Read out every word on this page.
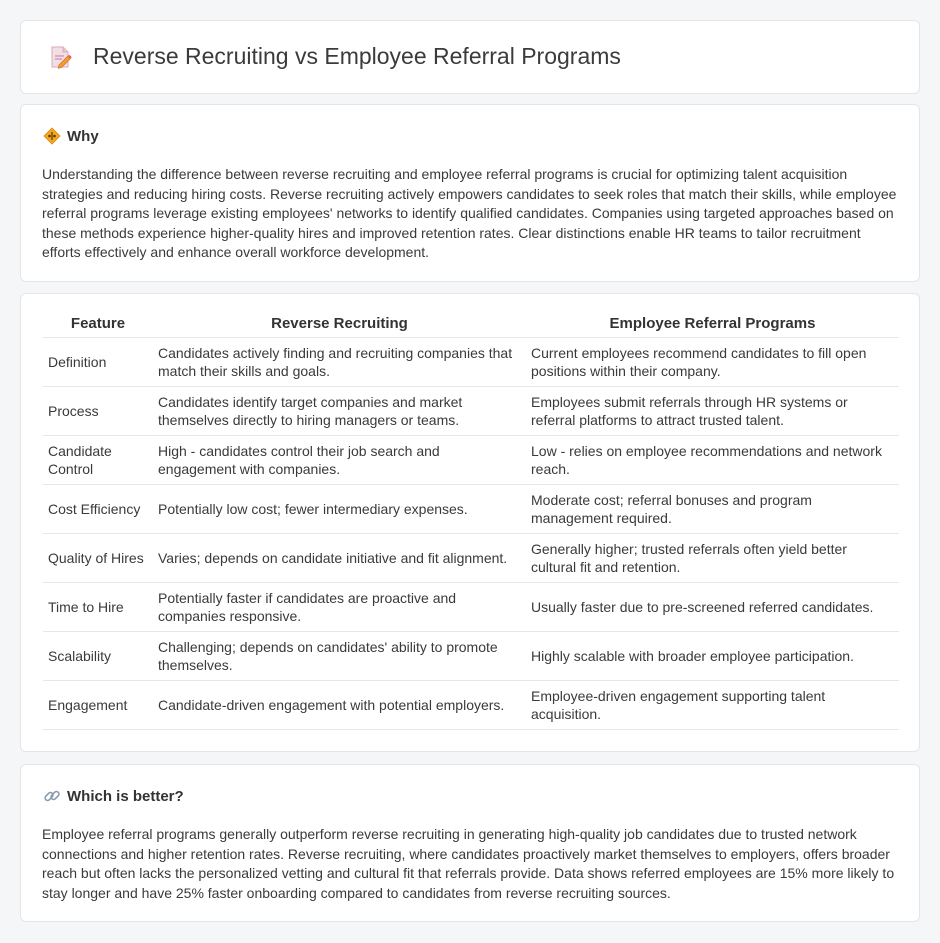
Reverse Recruiting vs Employee Referral Programs
Why

Understanding the difference between reverse recruiting and employee referral programs is crucial for optimizing talent acquisition strategies and reducing hiring costs. Reverse recruiting actively empowers candidates to seek roles that match their skills, while employee referral programs leverage existing employees' networks to identify qualified candidates. Companies using targeted approaches based on these methods experience higher-quality hires and improved retention rates. Clear distinctions enable HR teams to tailor recruitment efforts effectively and enhance overall workforce development.

Feature	Reverse Recruiting	Employee Referral Programs
Definition	Candidates actively finding and recruiting companies that match their skills and goals.	Current employees recommend candidates to fill open positions within their company.
Process	Candidates identify target companies and market themselves directly to hiring managers or teams.	Employees submit referrals through HR systems or referral platforms to attract trusted talent.
Candidate Control	High - candidates control their job search and engagement with companies.	Low - relies on employee recommendations and network reach.
Cost Efficiency	Potentially low cost; fewer intermediary expenses.	Moderate cost; referral bonuses and program management required.
Quality of Hires	Varies; depends on candidate initiative and fit alignment.	Generally higher; trusted referrals often yield better cultural fit and retention.
Time to Hire	Potentially faster if candidates are proactive and companies responsive.	Usually faster due to pre-screened referred candidates.
Scalability	Challenging; depends on candidates' ability to promote themselves.	Highly scalable with broader employee participation.
Engagement	Candidate-driven engagement with potential employers.	Employee-driven engagement supporting talent acquisition.
Which is better?

Employee referral programs generally outperform reverse recruiting in generating high-quality job candidates due to trusted network connections and higher retention rates. Reverse recruiting, where candidates proactively market themselves to employers, offers broader reach but often lacks the personalized vetting and cultural fit that referrals provide. Data shows referred employees are 15% more likely to stay longer and have 25% faster onboarding compared to candidates from reverse recruiting sources.
